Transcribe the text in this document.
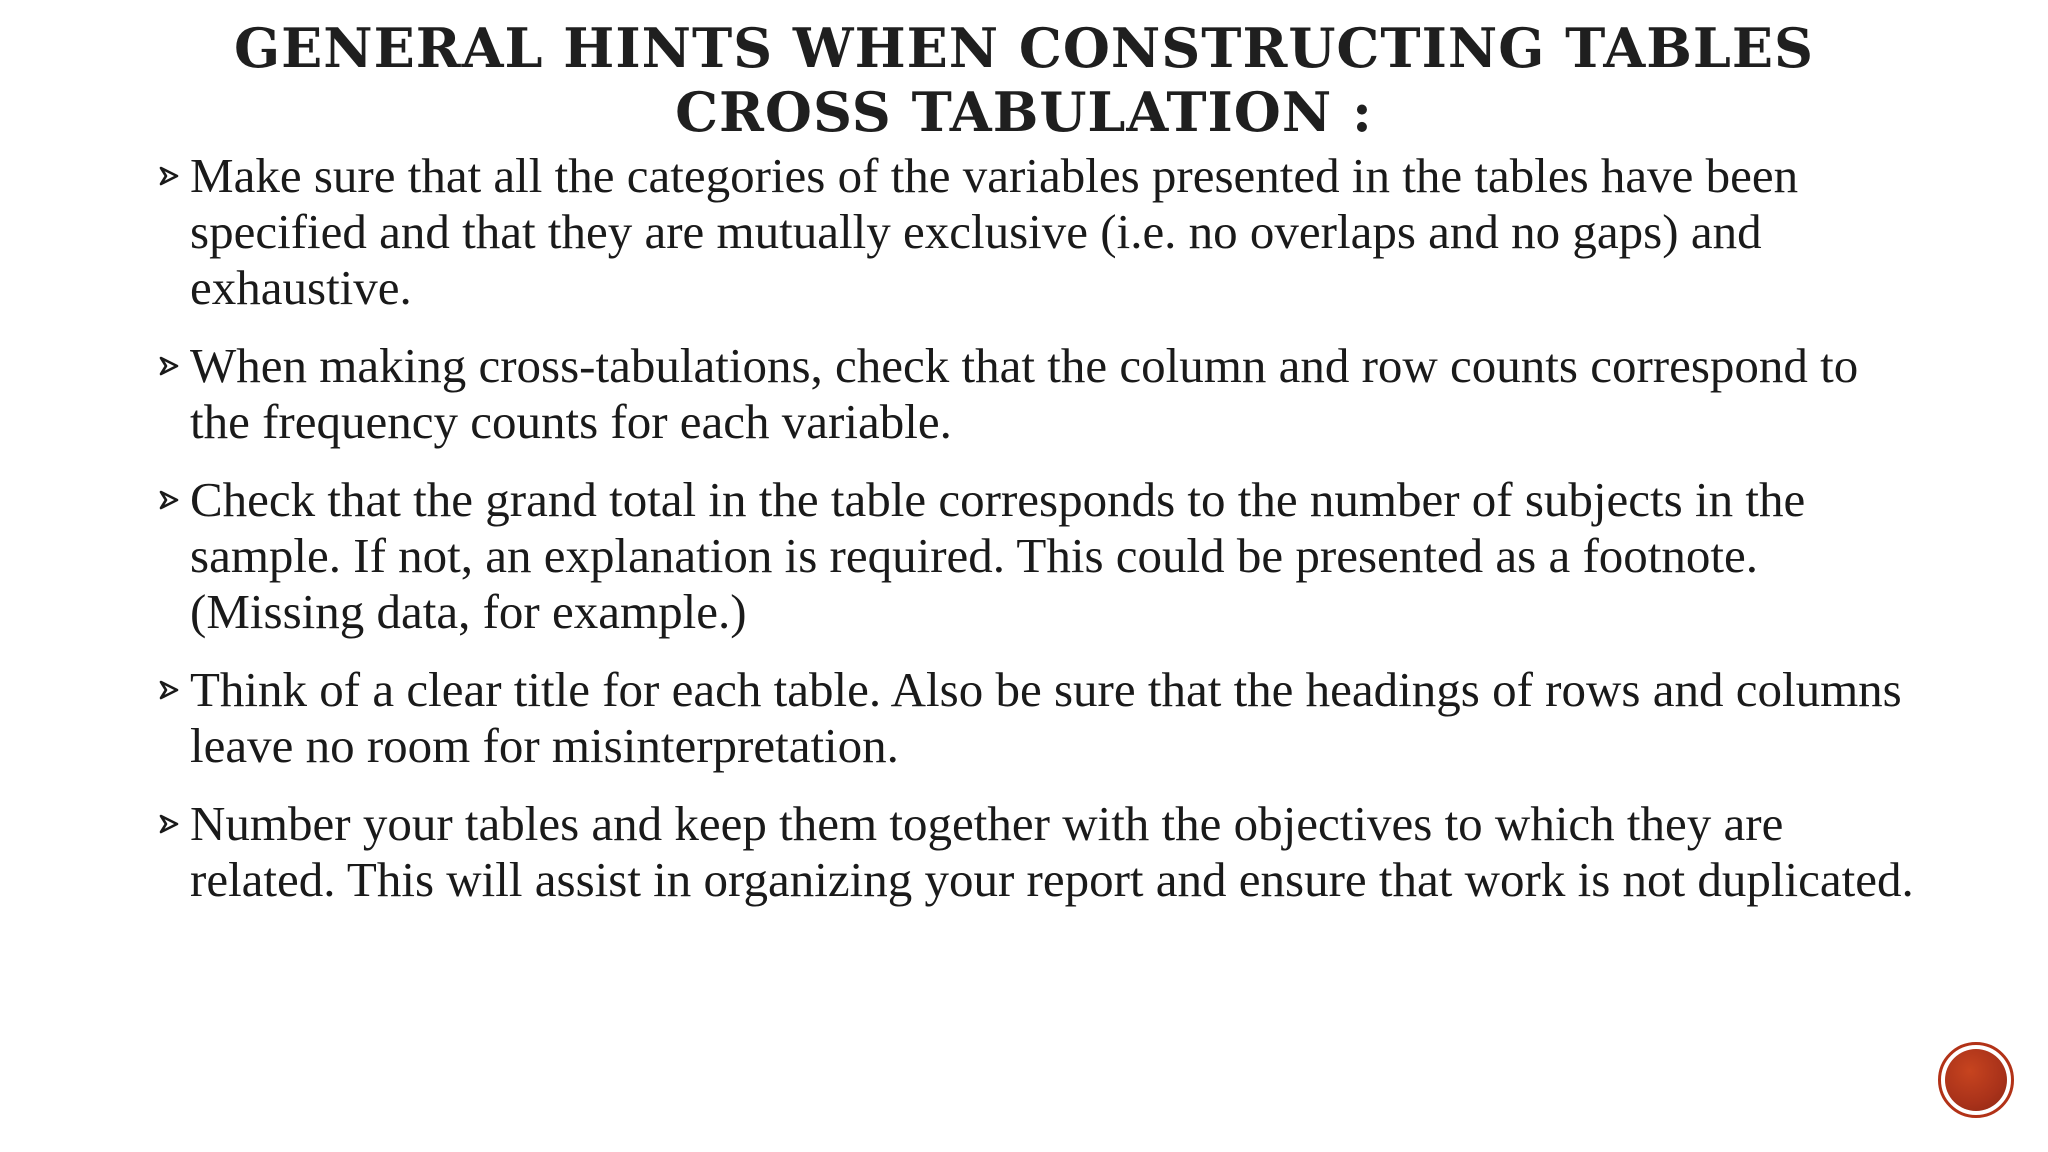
GENERAL HINTS WHEN CONSTRUCTING TABLES
CROSS TABULATION :
Make sure that all the categories of the variables presented in the tables have been specified and that they are mutually exclusive (i.e. no overlaps and no gaps) and exhaustive.
When making cross-tabulations, check that the column and row counts correspond to the frequency counts for each variable.
Check that the grand total in the table corresponds to the number of subjects in the sample. If not, an explanation is required. This could be presented as a footnote. (Missing data, for example.)
Think of a clear title for each table. Also be sure that the headings of rows and columns leave no room for misinterpretation.
Number your tables and keep them together with the objectives to which they are related. This will assist in organizing your report and ensure that work is not duplicated.
